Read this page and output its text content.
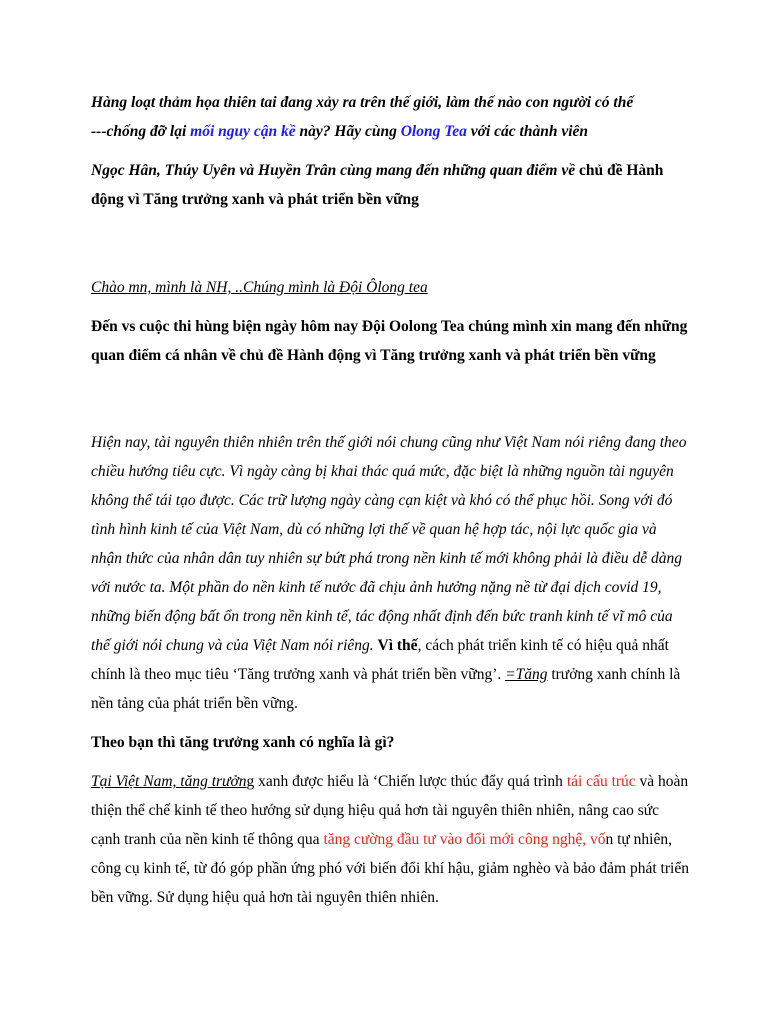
Hàng loạt thảm họa thiên tai đang xảy ra trên thế giới, làm thế nào con người có thế
---chống đỡ lại mối nguy cận kề này? Hãy cùng Olong Tea với các thành viên

Ngọc Hân, Thúy Uyên và Huyền Trân cùng mang đến những quan điểm về chủ đề Hành động vì Tăng trưởng xanh và phát triển bền vững

Chào mn, mình là NH, ..Chúng mình là Đội Ôlong tea

Đến vs cuộc thi hùng biện ngày hôm nay Đội Oolong Tea chúng mình xin mang đến những quan điểm cá nhân về chủ đề Hành động vì Tăng trưởng xanh và phát triển bền vững

Hiện nay, tài nguyên thiên nhiên trên thế giới nói chung cũng như Việt Nam nói riêng đang theo chiều hướng tiêu cực. Vì ngày càng bị khai thác quá mức, đặc biệt là những nguồn tài nguyên không thể tái tạo được. Các trữ lượng ngày càng cạn kiệt và khó có thể phục hồi. Song với đó tình hình kinh tế của Việt Nam, dù có những lợi thế về quan hệ hợp tác, nội lực quốc gia và nhận thức của nhân dân tuy nhiên sự bứt phá trong nền kinh tế mới không phải là điều dễ dàng với nước ta. Một phần do nền kinh tế nước đã chịu ảnh hưởng nặng nề từ đại dịch covid 19, những biến động bất ổn trong nền kinh tế, tác động nhất định đến bức tranh kinh tế vĩ mô của thế giới nói chung và của Việt Nam nói riêng. Vì thế, cách phát triển kinh tế có hiệu quả nhất chính là theo mục tiêu ‘Tăng trưởng xanh và phát triển bền vững’. =Tăng trưởng xanh chính là nền tảng của phát triển bền vững.

Theo bạn thì tăng trưởng xanh có nghĩa là gì?

Tại Việt Nam, tăng trưởng xanh được hiểu là ‘Chiến lược thúc đẩy quá trình tái cấu trúc và hoàn thiện thể chế kinh tế theo hướng sử dụng hiệu quả hơn tài nguyên thiên nhiên, nâng cao sức cạnh tranh của nền kinh tế thông qua tăng cường đầu tư vào đổi mới công nghệ, vốn tự nhiên, công cụ kinh tế, từ đó góp phần ứng phó với biến đổi khí hậu, giảm nghèo và bảo đảm phát triển bền vững. Sử dụng hiệu quả hơn tài nguyên thiên nhiên.
